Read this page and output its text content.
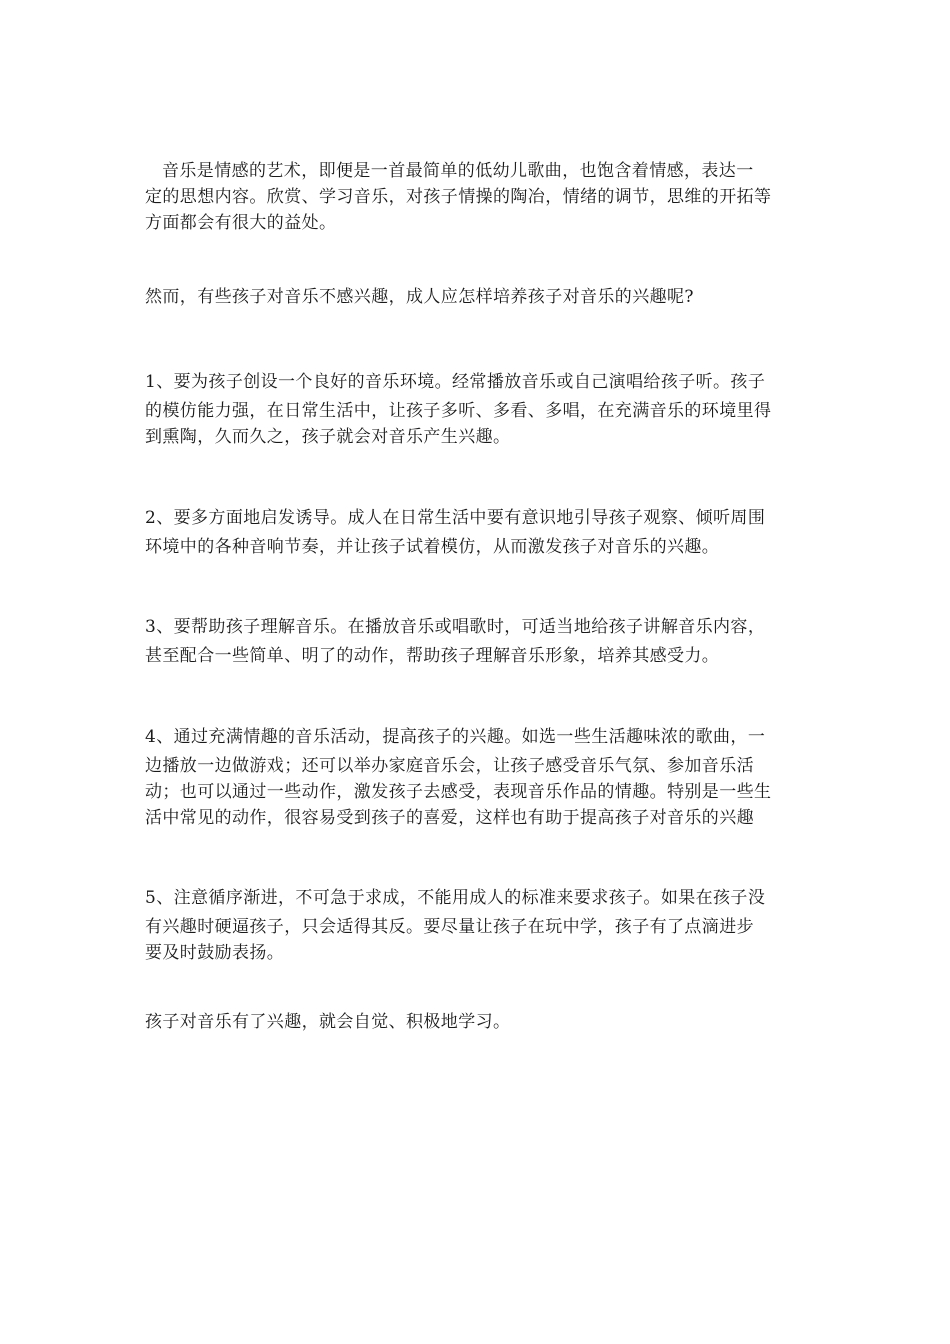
音乐是情感的艺术，即便是一首最简单的低幼儿歌曲，也饱含着情感，表达一
定的思想内容。欣赏、学习音乐，对孩子情操的陶冶，情绪的调节，思维的开拓等
方面都会有很大的益处。
然而，有些孩子对音乐不感兴趣，成人应怎样培养孩子对音乐的兴趣呢?
1、要为孩子创设一个良好的音乐环境。经常播放音乐或自己演唱给孩子听。孩子
的模仿能力强，在日常生活中，让孩子多听、多看、多唱，在充满音乐的环境里得
到熏陶，久而久之，孩子就会对音乐产生兴趣。
2、要多方面地启发诱导。成人在日常生活中要有意识地引导孩子观察、倾听周围
环境中的各种音响节奏，并让孩子试着模仿，从而激发孩子对音乐的兴趣。
3、要帮助孩子理解音乐。在播放音乐或唱歌时，可适当地给孩子讲解音乐内容，
甚至配合一些简单、明了的动作，帮助孩子理解音乐形象，培养其感受力。
4、通过充满情趣的音乐活动，提高孩子的兴趣。如选一些生活趣味浓的歌曲，一
边播放一边做游戏；还可以举办家庭音乐会，让孩子感受音乐气氛、参加音乐活
动；也可以通过一些动作，激发孩子去感受，表现音乐作品的情趣。特别是一些生
活中常见的动作，很容易受到孩子的喜爱，这样也有助于提高孩子对音乐的兴趣
5、注意循序渐进，不可急于求成，不能用成人的标准来要求孩子。如果在孩子没
有兴趣时硬逼孩子，只会适得其反。要尽量让孩子在玩中学，孩子有了点滴进步
要及时鼓励表扬。
孩子对音乐有了兴趣，就会自觉、积极地学习。
